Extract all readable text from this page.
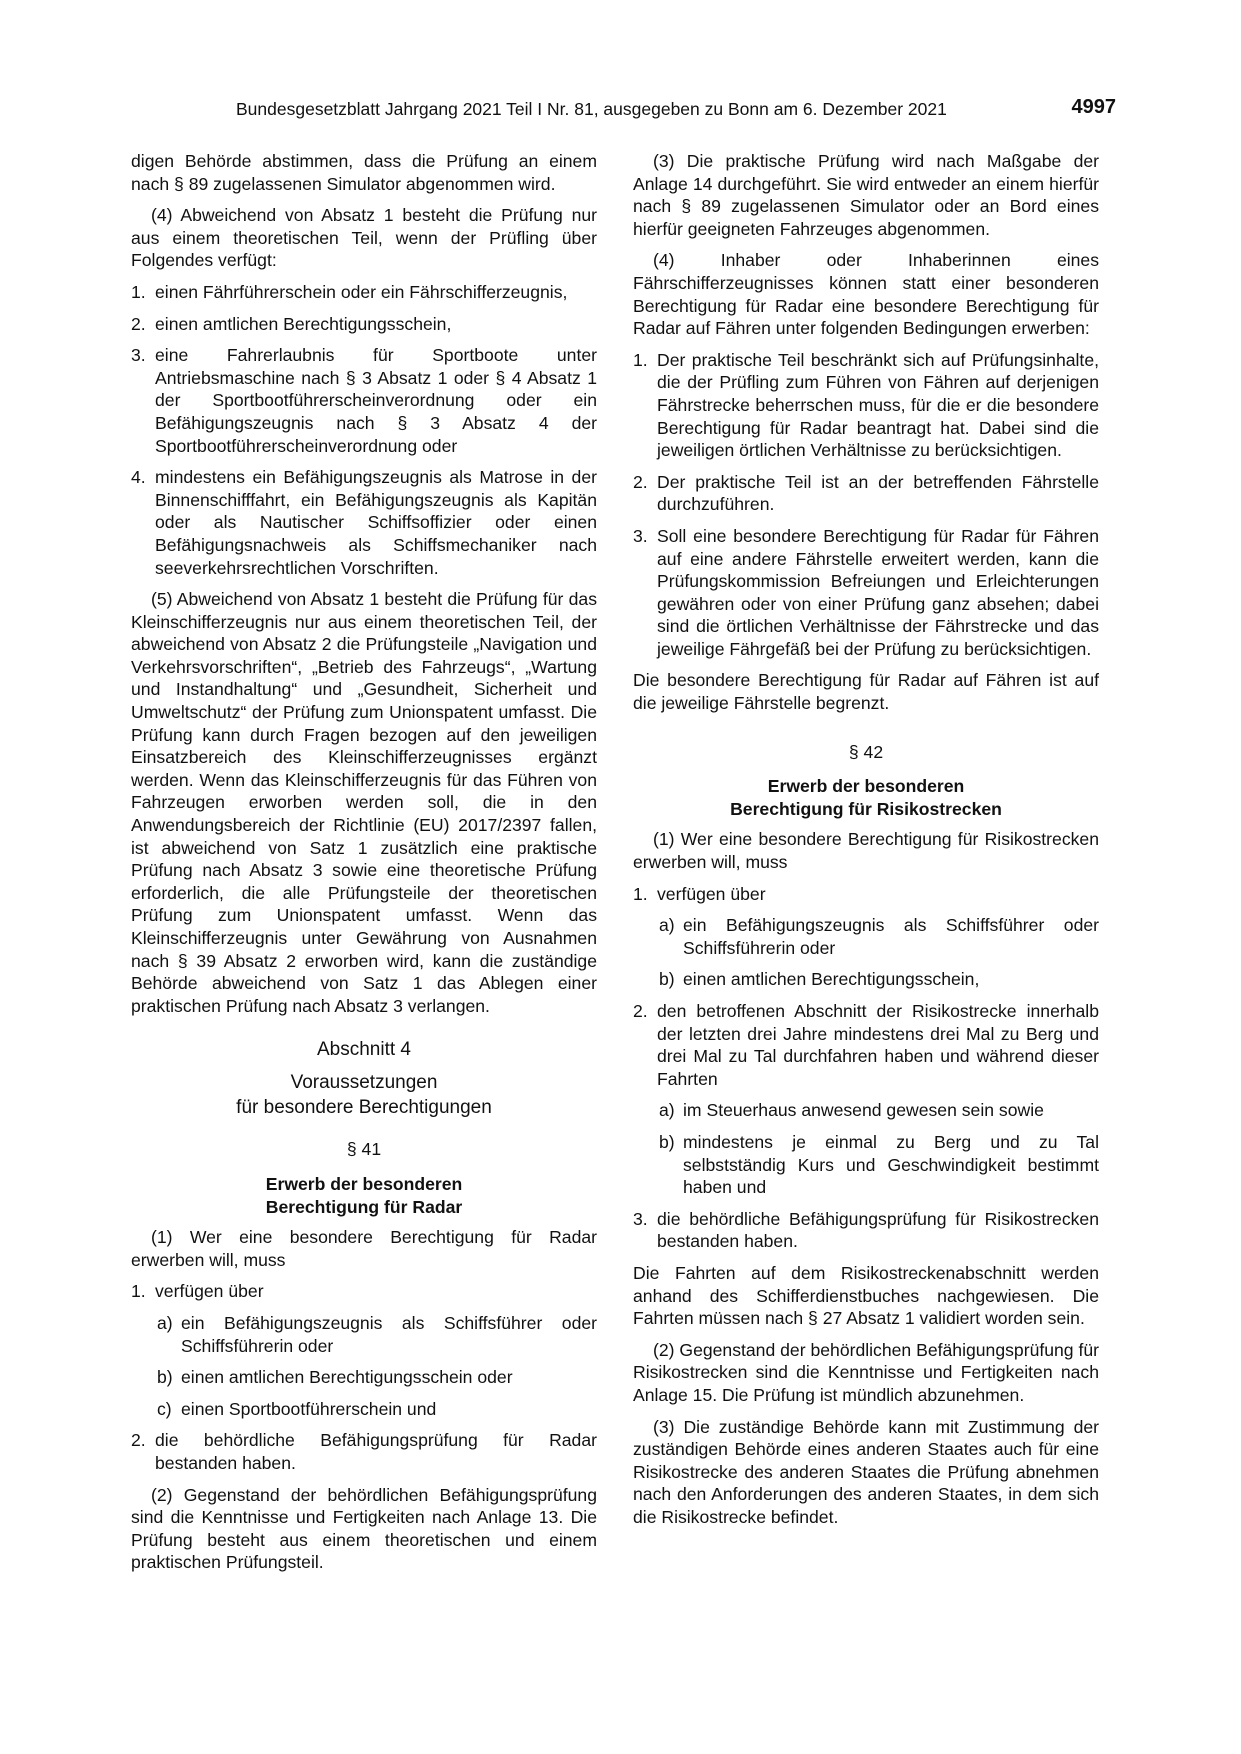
Bundesgesetzblatt Jahrgang 2021 Teil I Nr. 81, ausgegeben zu Bonn am 6. Dezember 2021	4997

digen Behörde abstimmen, dass die Prüfung an einem nach § 89 zugelassenen Simulator abgenommen wird.

(4) Abweichend von Absatz 1 besteht die Prüfung nur aus einem theoretischen Teil, wenn der Prüfling über Folgendes verfügt:

1. einen Fährführerschein oder ein Fährschifferzeugnis,
2. einen amtlichen Berechtigungsschein,
3. eine Fahrerlaubnis für Sportboote unter Antriebsmaschine nach § 3 Absatz 1 oder § 4 Absatz 1 der Sportbootführerscheinverordnung oder ein Befähigungszeugnis nach § 3 Absatz 4 der Sportbootführerscheinverordnung oder
4. mindestens ein Befähigungszeugnis als Matrose in der Binnenschifffahrt, ein Befähigungszeugnis als Kapitän oder als Nautischer Schiffsoffizier oder einen Befähigungsnachweis als Schiffsmechaniker nach seeverkehrsrechtlichen Vorschriften.

(5) Abweichend von Absatz 1 besteht die Prüfung für das Kleinschifferzeugnis nur aus einem theoretischen Teil, der abweichend von Absatz 2 die Prüfungsteile „Navigation und Verkehrsvorschriften“, „Betrieb des Fahrzeugs“, „Wartung und Instandhaltung“ und „Gesundheit, Sicherheit und Umweltschutz“ der Prüfung zum Unionspatent umfasst. Die Prüfung kann durch Fragen bezogen auf den jeweiligen Einsatzbereich des Kleinschifferzeugnisses ergänzt werden. Wenn das Kleinschifferzeugnis für das Führen von Fahrzeugen erworben werden soll, die in den Anwendungsbereich der Richtlinie (EU) 2017/2397 fallen, ist abweichend von Satz 1 zusätzlich eine praktische Prüfung nach Absatz 3 sowie eine theoretische Prüfung erforderlich, die alle Prüfungsteile der theoretischen Prüfung zum Unionspatent umfasst. Wenn das Kleinschifferzeugnis unter Gewährung von Ausnahmen nach § 39 Absatz 2 erworben wird, kann die zuständige Behörde abweichend von Satz 1 das Ablegen einer praktischen Prüfung nach Absatz 3 verlangen.

Abschnitt 4
Voraussetzungen
für besondere Berechtigungen
§ 41
Erwerb der besonderen
Berechtigung für Radar

(1) Wer eine besondere Berechtigung für Radar erwerben will, muss

1. verfügen über
a) ein Befähigungszeugnis als Schiffsführer oder Schiffsführerin oder
b) einen amtlichen Berechtigungsschein oder
c) einen Sportbootführerschein und
2. die behördliche Befähigungsprüfung für Radar bestanden haben.

(2) Gegenstand der behördlichen Befähigungsprüfung sind die Kenntnisse und Fertigkeiten nach Anlage 13. Die Prüfung besteht aus einem theoretischen und einem praktischen Prüfungsteil.

(3) Die praktische Prüfung wird nach Maßgabe der Anlage 14 durchgeführt. Sie wird entweder an einem hierfür nach § 89 zugelassenen Simulator oder an Bord eines hierfür geeigneten Fahrzeuges abgenommen.

(4) Inhaber oder Inhaberinnen eines Fährschifferzeugnisses können statt einer besonderen Berechtigung für Radar eine besondere Berechtigung für Radar auf Fähren unter folgenden Bedingungen erwerben:

1. Der praktische Teil beschränkt sich auf Prüfungsinhalte, die der Prüfling zum Führen von Fähren auf derjenigen Fährstrecke beherrschen muss, für die er die besondere Berechtigung für Radar beantragt hat. Dabei sind die jeweiligen örtlichen Verhältnisse zu berücksichtigen.
2. Der praktische Teil ist an der betreffenden Fährstelle durchzuführen.
3. Soll eine besondere Berechtigung für Radar für Fähren auf eine andere Fährstelle erweitert werden, kann die Prüfungskommission Befreiungen und Erleichterungen gewähren oder von einer Prüfung ganz absehen; dabei sind die örtlichen Verhältnisse der Fährstrecke und das jeweilige Fährgefäß bei der Prüfung zu berücksichtigen.

Die besondere Berechtigung für Radar auf Fähren ist auf die jeweilige Fährstelle begrenzt.

§ 42
Erwerb der besonderen
Berechtigung für Risikostrecken

(1) Wer eine besondere Berechtigung für Risikostrecken erwerben will, muss

1. verfügen über
a) ein Befähigungszeugnis als Schiffsführer oder Schiffsführerin oder
b) einen amtlichen Berechtigungsschein,
2. den betroffenen Abschnitt der Risikostrecke innerhalb der letzten drei Jahre mindestens drei Mal zu Berg und drei Mal zu Tal durchfahren haben und während dieser Fahrten
a) im Steuerhaus anwesend gewesen sein sowie
b) mindestens je einmal zu Berg und zu Tal selbstständig Kurs und Geschwindigkeit bestimmt haben und
3. die behördliche Befähigungsprüfung für Risikostrecken bestanden haben.

Die Fahrten auf dem Risikostreckenabschnitt werden anhand des Schifferdienstbuches nachgewiesen. Die Fahrten müssen nach § 27 Absatz 1 validiert worden sein.

(2) Gegenstand der behördlichen Befähigungsprüfung für Risikostrecken sind die Kenntnisse und Fertigkeiten nach Anlage 15. Die Prüfung ist mündlich abzunehmen.

(3) Die zuständige Behörde kann mit Zustimmung der zuständigen Behörde eines anderen Staates auch für eine Risikostrecke des anderen Staates die Prüfung abnehmen nach den Anforderungen des anderen Staates, in dem sich die Risikostrecke befindet.
